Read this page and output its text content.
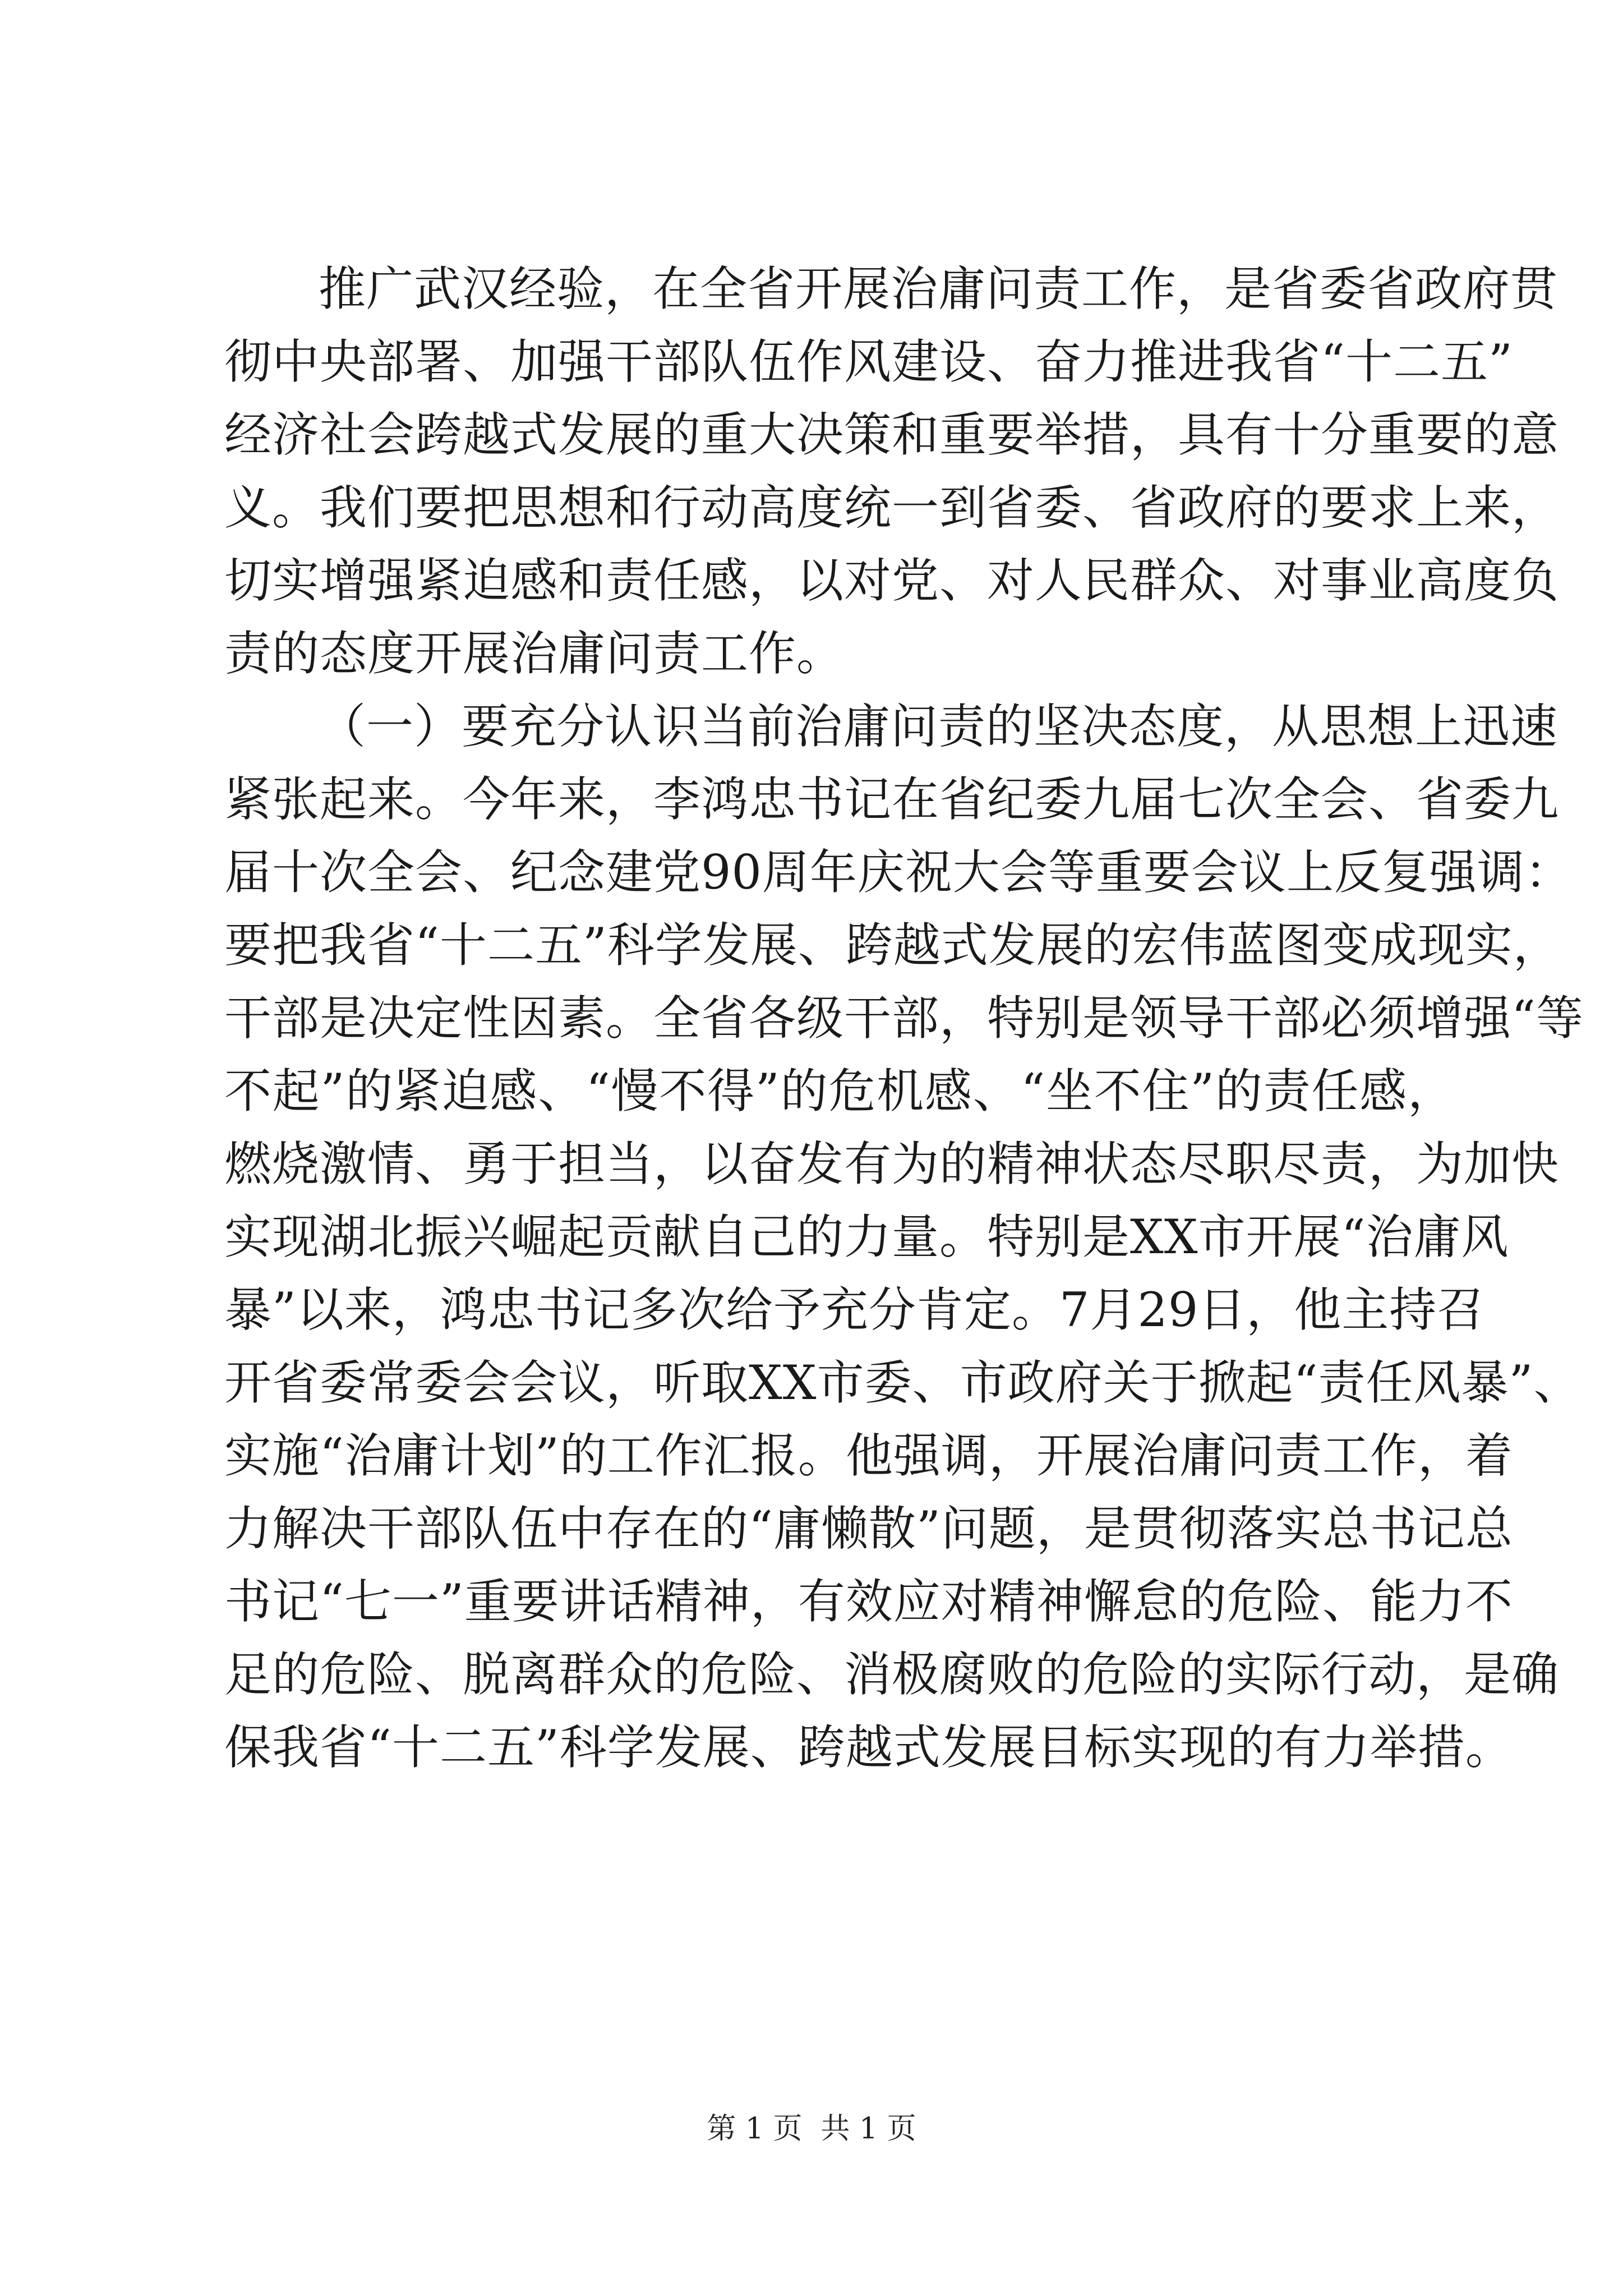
推广武汉经验，在全省开展治庸问责工作，是省委省政府贯
彻中央部署、加强干部队伍作风建设、奋力推进我省“十二五”
经济社会跨越式发展的重大决策和重要举措，具有十分重要的意
义。我们要把思想和行动高度统一到省委、省政府的要求上来，
切实增强紧迫感和责任感，以对党、对人民群众、对事业高度负
责的态度开展治庸问责工作。
（一）要充分认识当前治庸问责的坚决态度，从思想上迅速
紧张起来。今年来，李鸿忠书记在省纪委九届七次全会、省委九
届十次全会、纪念建党90周年庆祝大会等重要会议上反复强调：
要把我省“十二五”科学发展、跨越式发展的宏伟蓝图变成现实，
干部是决定性因素。全省各级干部，特别是领导干部必须增强“等
不起”的紧迫感、“慢不得”的危机感、“坐不住”的责任感，
燃烧激情、勇于担当，以奋发有为的精神状态尽职尽责，为加快
实现湖北振兴崛起贡献自己的力量。特别是XX市开展“治庸风
暴”以来，鸿忠书记多次给予充分肯定。7月29日，他主持召
开省委常委会会议，听取XX市委、市政府关于掀起“责任风暴”、
实施“治庸计划”的工作汇报。他强调，开展治庸问责工作，着
力解决干部队伍中存在的“庸懒散”问题，是贯彻落实总书记总
书记“七一”重要讲话精神，有效应对精神懈怠的危险、能力不
足的危险、脱离群众的危险、消极腐败的危险的实际行动，是确
保我省“十二五”科学发展、跨越式发展目标实现的有力举措。
第 1 页  共 1 页
